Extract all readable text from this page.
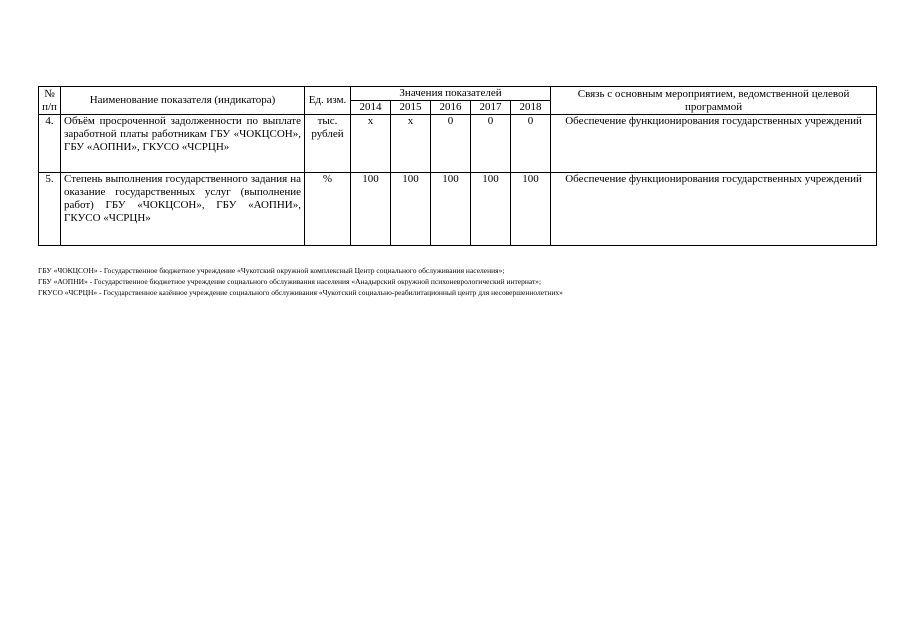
№ п/п	Наименование показателя (индикатора)	Ед. изм.	Значения показателей					Связь с основным мероприятием, ведомственной целевой программой
			2014	2015	2016	2017	2018	
4.	Объём просроченной задолженности по выплате заработной платы работникам ГБУ «ЧОКЦСОН», ГБУ «АОПНИ», ГКУСО «ЧСРЦН»	тыс. рублей	х	х	0	0	0	Обеспечение функционирования государственных учреждений
5.	Степень выполнения государственного задания на оказание государственных услуг (выполнение работ) ГБУ «ЧОКЦСОН», ГБУ «АОПНИ», ГКУСО «ЧСРЦН»	%	100	100	100	100	100	Обеспечение функционирования государственных учреждений
ГБУ «ЧОКЦСОН» - Государственное бюджетное учреждение «Чукотский окружной комплексный Центр социального обслуживания населения»;
ГБУ «АОПНИ» - Государственное бюджетное учреждение социального обслуживания населения «Анадырский окружной психоневрологический интернат»;
ГКУСО «ЧСРЦН» - Государственное казённое учреждение социального обслуживания «Чукотский социально-реабилитационный центр для несовершеннолетних»
